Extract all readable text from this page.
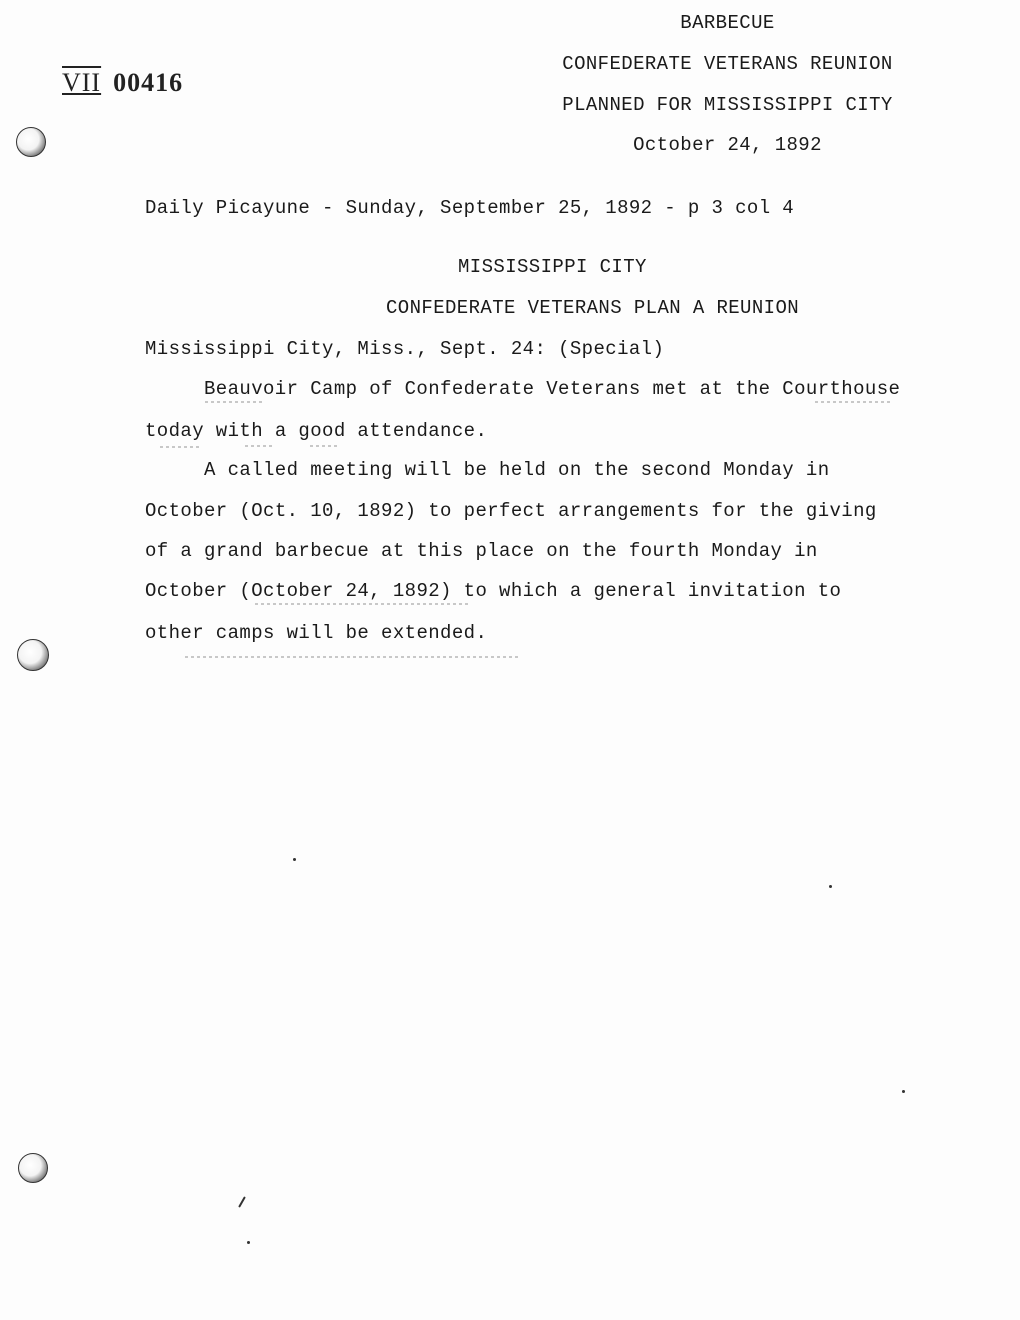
VII 00416
BARBECUE
CONFEDERATE VETERANS REUNION
PLANNED FOR MISSISSIPPI CITY
October 24, 1892
Daily Picayune - Sunday, September 25, 1892 - p 3 col 4
MISSISSIPPI CITY
CONFEDERATE VETERANS PLAN A REUNION
Mississippi City, Miss., Sept. 24: (Special)
Beauvoir Camp of Confederate Veterans met at the Courthouse
today with a good attendance.
A called meeting will be held on the second Monday in
October (Oct. 10, 1892) to perfect arrangements for the giving
of a grand barbecue at this place on the fourth Monday in
October (October 24, 1892) to which a general invitation to
other camps will be extended.
